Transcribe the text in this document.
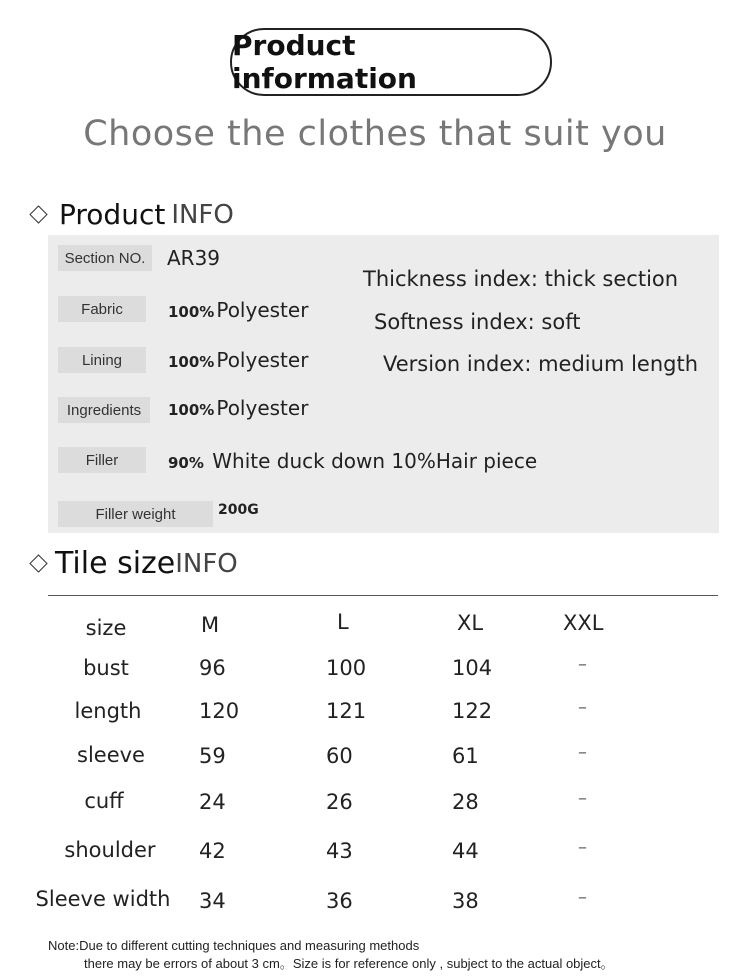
Product information
Choose the clothes that suit you
Product INFO
Section NO.	AR39
Fabric	100% Polyester
Lining	100% Polyester
Ingredients	100% Polyester
Filler	90% White duck down 10%Hair piece
Filler weight	200G
Thickness index: thick section
Softness index: soft
Version index: medium length
Tile size INFO
size	M	L	XL	XXL
bust	96	100	104	–
length	120	121	122	–
sleeve	59	60	61	–
cuff	24	26	28	–
shoulder	42	43	44	–
Sleeve width	34	36	38	–
Note:Due to different cutting techniques and measuring methods
there may be errors of about 3 cm。Size is for reference only , subject to the actual object。
